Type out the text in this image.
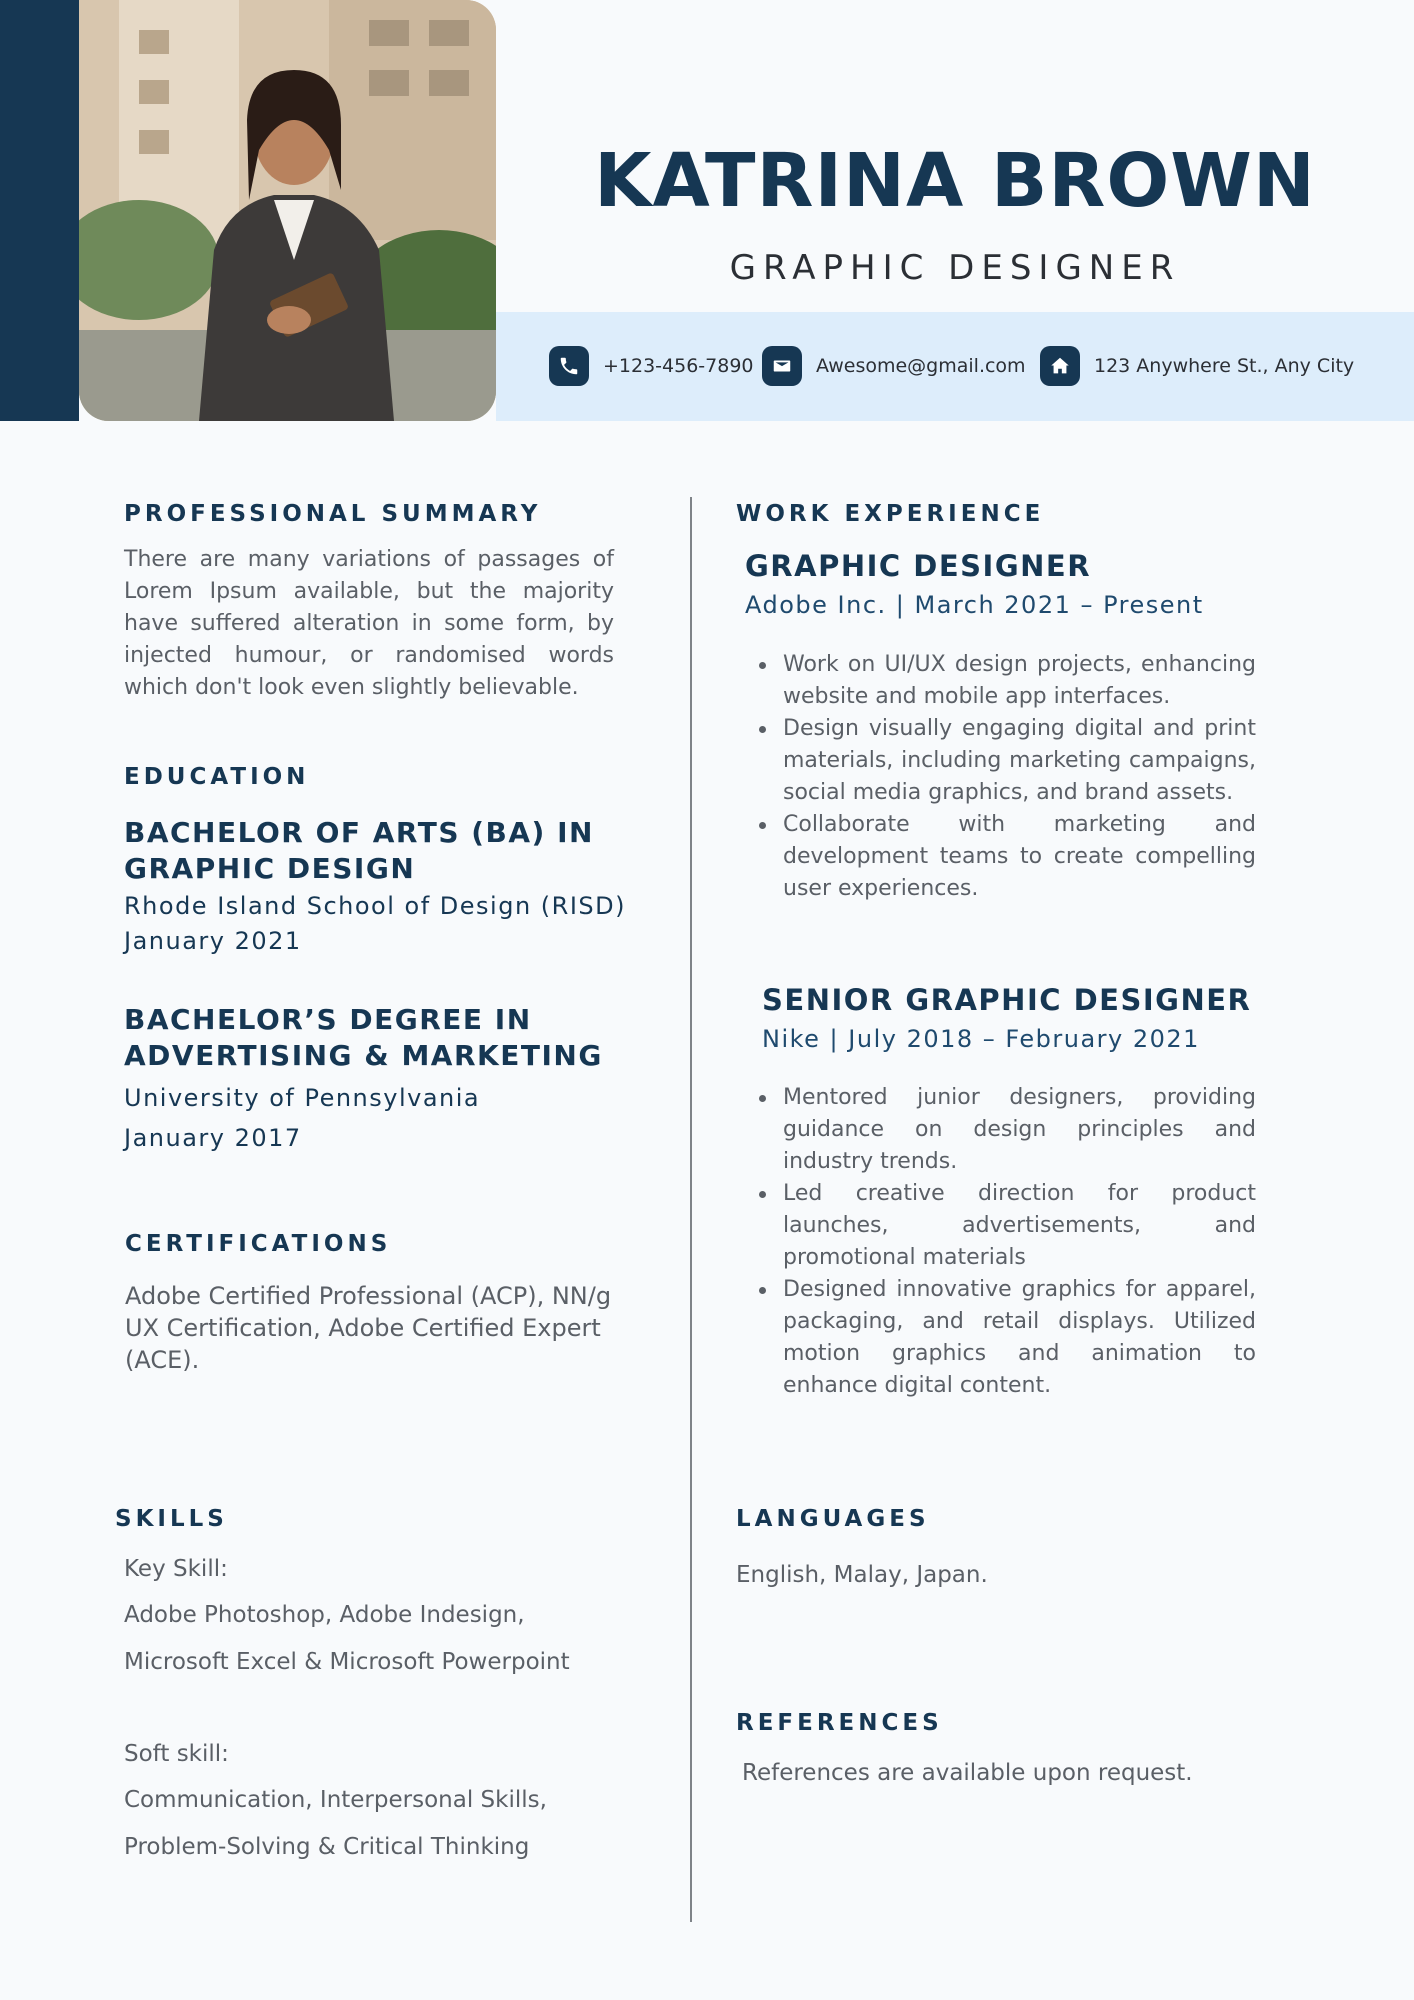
KATRINA BROWN
GRAPHIC DESIGNER
+123-456-7890	Awesome@gmail.com	123 Anywhere St., Any City
PROFESSIONAL SUMMARY
There are many variations of passages of Lorem Ipsum available, but the majority have suffered alteration in some form, by injected humour, or randomised words which don't look even slightly believable.
EDUCATION
BACHELOR OF ARTS (BA) IN
GRAPHIC DESIGN
Rhode Island School of Design (RISD)
January 2021
BACHELOR’S DEGREE IN
ADVERTISING & MARKETING
University of Pennsylvania
January 2017
CERTIFICATIONS
Adobe Certified Professional (ACP), NN/g UX Certification, Adobe Certified Expert (ACE).
SKILLS
Key Skill:
Adobe Photoshop, Adobe Indesign,
Microsoft Excel & Microsoft Powerpoint
Soft skill:
Communication, Interpersonal Skills,
Problem-Solving & Critical Thinking
WORK EXPERIENCE
GRAPHIC DESIGNER
Adobe Inc. | March 2021 – Present
Work on UI/UX design projects, enhancing website and mobile app interfaces.
Design visually engaging digital and print materials, including marketing campaigns, social media graphics, and brand assets.
Collaborate with marketing and development teams to create compelling user experiences.
SENIOR GRAPHIC DESIGNER
Nike | July 2018 – February 2021
Mentored junior designers, providing guidance on design principles and industry trends.
Led creative direction for product launches, advertisements, and promotional materials
Designed innovative graphics for apparel, packaging, and retail displays. Utilized motion graphics and animation to enhance digital content.
LANGUAGES
English, Malay, Japan.
REFERENCES
References are available upon request.
